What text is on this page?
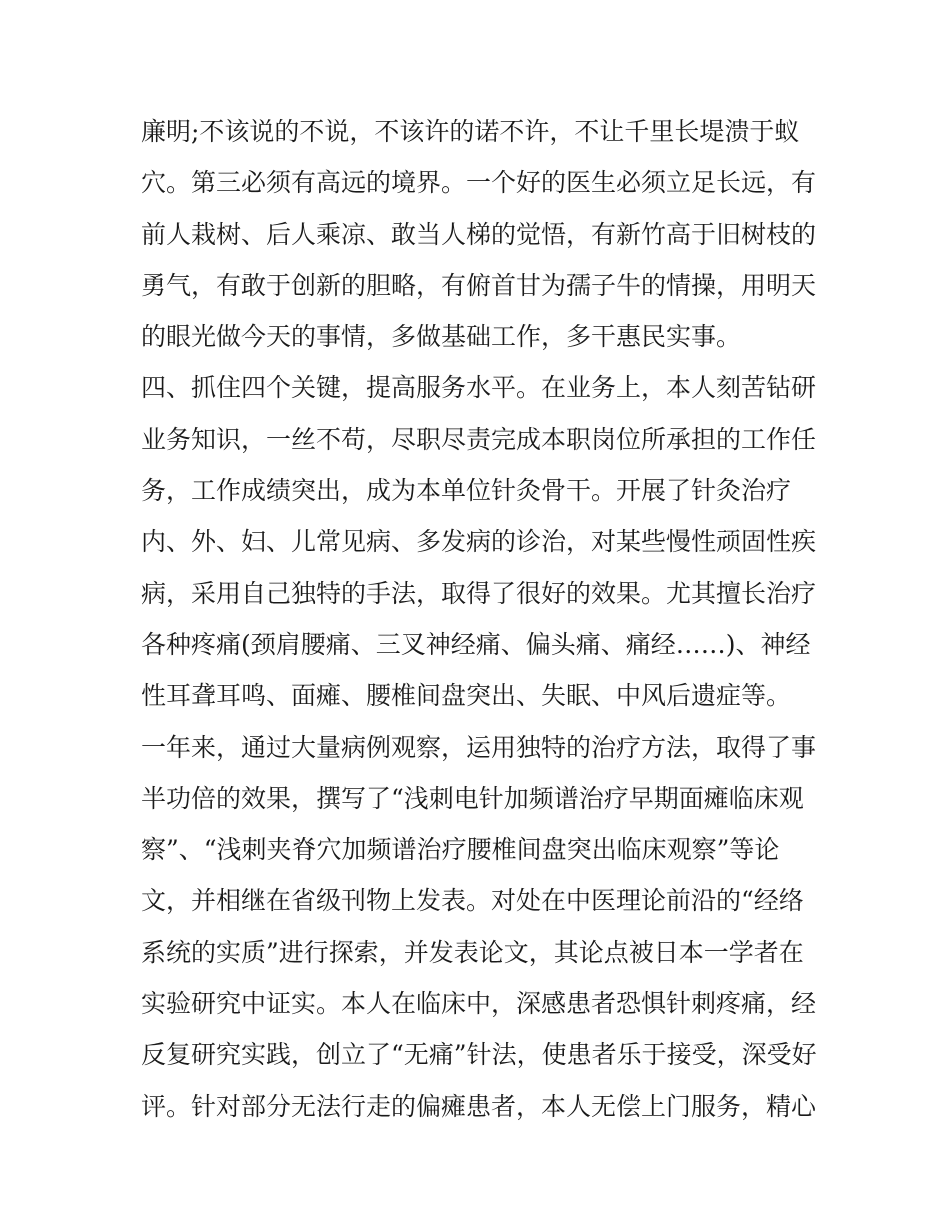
廉明;不该说的不说，不该许的诺不许，不让千里长堤溃于蚁
穴。第三必须有高远的境界。一个好的医生必须立足长远，有
前人栽树、后人乘凉、敢当人梯的觉悟，有新竹高于旧树枝的
勇气，有敢于创新的胆略，有俯首甘为孺子牛的情操，用明天
的眼光做今天的事情，多做基础工作，多干惠民实事。
四、抓住四个关键，提高服务水平。在业务上，本人刻苦钻研
业务知识，一丝不苟，尽职尽责完成本职岗位所承担的工作任
务，工作成绩突出，成为本单位针灸骨干。开展了针灸治疗
内、外、妇、儿常见病、多发病的诊治，对某些慢性顽固性疾
病，采用自己独特的手法，取得了很好的效果。尤其擅长治疗
各种疼痛(颈肩腰痛、三叉神经痛、偏头痛、痛经……)、神经
性耳聋耳鸣、面瘫、腰椎间盘突出、失眠、中风后遗症等。
一年来，通过大量病例观察，运用独特的治疗方法，取得了事
半功倍的效果，撰写了“浅刺电针加频谱治疗早期面瘫临床观
察”、“浅刺夹脊穴加频谱治疗腰椎间盘突出临床观察”等论
文，并相继在省级刊物上发表。对处在中医理论前沿的“经络
系统的实质”进行探索，并发表论文，其论点被日本一学者在
实验研究中证实。本人在临床中，深感患者恐惧针刺疼痛，经
反复研究实践，创立了“无痛”针法，使患者乐于接受，深受好
评。针对部分无法行走的偏瘫患者，本人无偿上门服务，精心
